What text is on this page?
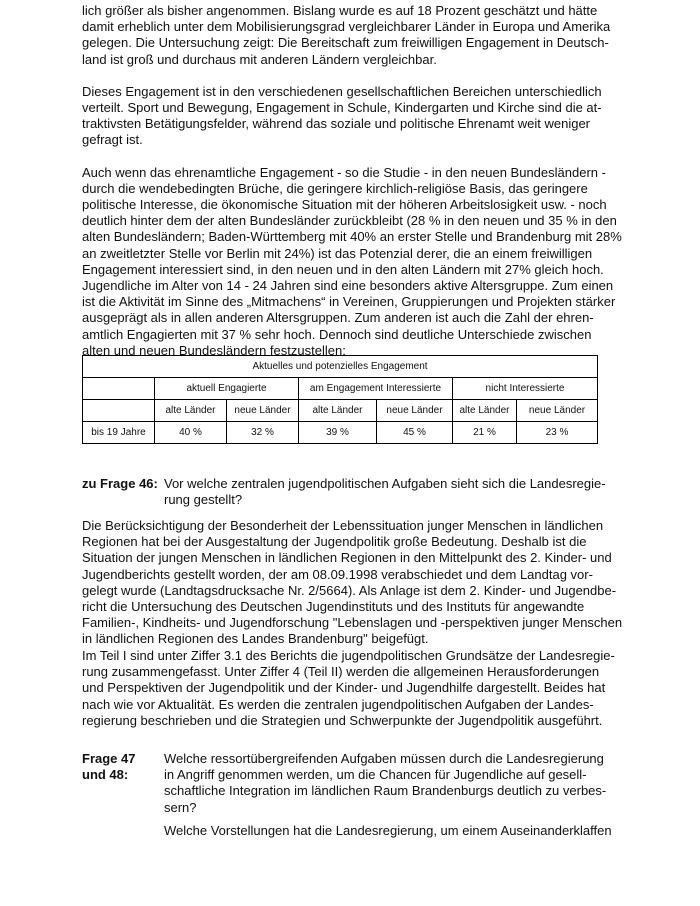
lich größer als bisher angenommen. Bislang wurde es auf 18 Prozent geschätzt und hätte
damit erheblich unter dem Mobilisierungsgrad vergleichbarer Länder in Europa und Amerika
gelegen. Die Untersuchung zeigt: Die Bereitschaft zum freiwilligen Engagement in Deutsch-
land ist groß und durchaus mit anderen Ländern vergleichbar.

Dieses Engagement ist in den verschiedenen gesellschaftlichen Bereichen unterschiedlich
verteilt. Sport und Bewegung, Engagement in Schule, Kindergarten und Kirche sind die at-
traktivsten Betätigungsfelder, während das soziale und politische Ehrenamt weit weniger
gefragt ist.

Auch wenn das ehrenamtliche Engagement - so die Studie - in den neuen Bundesländern -
durch die wendebedingten Brüche, die geringere kirchlich-religiöse Basis, das geringere
politische Interesse, die ökonomische Situation mit der höheren Arbeitslosigkeit usw. - noch
deutlich hinter dem der alten Bundesländer zurückbleibt (28 % in den neuen und 35 % in den
alten Bundesländern; Baden-Württemberg mit 40% an erster Stelle und Brandenburg mit 28%
an zweitletzter Stelle vor Berlin mit 24%) ist das Potenzial derer, die an einem freiwilligen
Engagement interessiert sind, in den neuen und in den alten Ländern mit 27% gleich hoch.
Jugendliche im Alter von 14 - 24 Jahren sind eine besonders aktive Altersgruppe. Zum einen
ist die Aktivität im Sinne des „Mitmachens“ in Vereinen, Gruppierungen und Projekten stärker
ausgeprägt als in allen anderen Altersgruppen. Zum anderen ist auch die Zahl der ehren-
amtlich Engagierten mit 37 % sehr hoch. Dennoch sind deutliche Unterschiede zwischen
alten und neuen Bundesländern festzustellen:

Aktuelles und potenzielles Engagement						
	aktuell Engagierte		am Engagement Interessierte		nicht Interessierte	
	alte Länder	neue Länder	alte Länder	neue Länder	alte Länder	neue Länder
bis 19 Jahre	40 %	32 %	39 %	45 %	21 %	23 %
zu Frage 46: Vor welche zentralen jugendpolitischen Aufgaben sieht sich die Landesregie-
rung gestellt?

Die Berücksichtigung der Besonderheit der Lebenssituation junger Menschen in ländlichen
Regionen hat bei der Ausgestaltung der Jugendpolitik große Bedeutung. Deshalb ist die
Situation der jungen Menschen in ländlichen Regionen in den Mittelpunkt des 2. Kinder- und
Jugendberichts gestellt worden, der am 08.09.1998 verabschiedet und dem Landtag vor-
gelegt wurde (Landtagsdrucksache Nr. 2/5664). Als Anlage ist dem 2. Kinder- und Jugendbe-
richt die Untersuchung des Deutschen Jugendinstituts und des Instituts für angewandte
Familien-, Kindheits- und Jugendforschung "Lebenslagen und -perspektiven junger Menschen
in ländlichen Regionen des Landes Brandenburg" beigefügt.

Im Teil I sind unter Ziffer 3.1 des Berichts die jugendpolitischen Grundsätze der Landesregie-
rung zusammengefasst. Unter Ziffer 4 (Teil II) werden die allgemeinen Herausforderungen
und Perspektiven der Jugendpolitik und der Kinder- und Jugendhilfe dargestellt. Beides hat
nach wie vor Aktualität. Es werden die zentralen jugendpolitischen Aufgaben der Landes-
regierung beschrieben und die Strategien und Schwerpunkte der Jugendpolitik ausgeführt.

Frage 47
und 48:
Welche ressortübergreifenden Aufgaben müssen durch die Landesregierung
in Angriff genommen werden, um die Chancen für Jugendliche auf gesell-
schaftliche Integration im ländlichen Raum Brandenburgs deutlich zu verbes-
sern?
Welche Vorstellungen hat die Landesregierung, um einem Auseinanderklaffen
